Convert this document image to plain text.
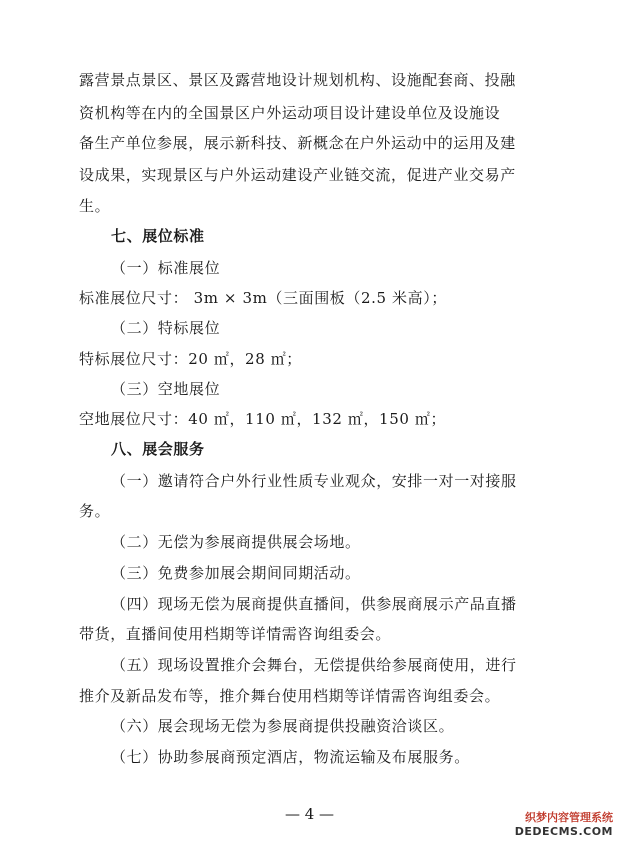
露营景点景区、景区及露营地设计规划机构、设施配套商、投融
资机构等在内的全国景区户外运动项目设计建设单位及设施设
备生产单位参展，展示新科技、新概念在户外运动中的运用及建
设成果，实现景区与户外运动建设产业链交流，促进产业交易产
生。
七、展位标准
（一）标准展位
标准展位尺寸： 3m × 3m（三面围板（2.5 米高）；
（二）特标展位
特标展位尺寸：20 ㎡，28 ㎡；
（三）空地展位
空地展位尺寸：40 ㎡，110 ㎡，132 ㎡，150 ㎡；
八、展会服务
（一）邀请符合户外行业性质专业观众，安排一对一对接服
务。
（二）无偿为参展商提供展会场地。
（三）免费参加展会期间同期活动。
（四）现场无偿为展商提供直播间，供参展商展示产品直播
带货，直播间使用档期等详情需咨询组委会。
（五）现场设置推介会舞台，无偿提供给参展商使用，进行
推介及新品发布等，推介舞台使用档期等详情需咨询组委会。
（六）展会现场无偿为参展商提供投融资洽谈区。
（七）协助参展商预定酒店，物流运输及布展服务。
— 4 —	织梦内容管理系统
DEDECMS.COM
